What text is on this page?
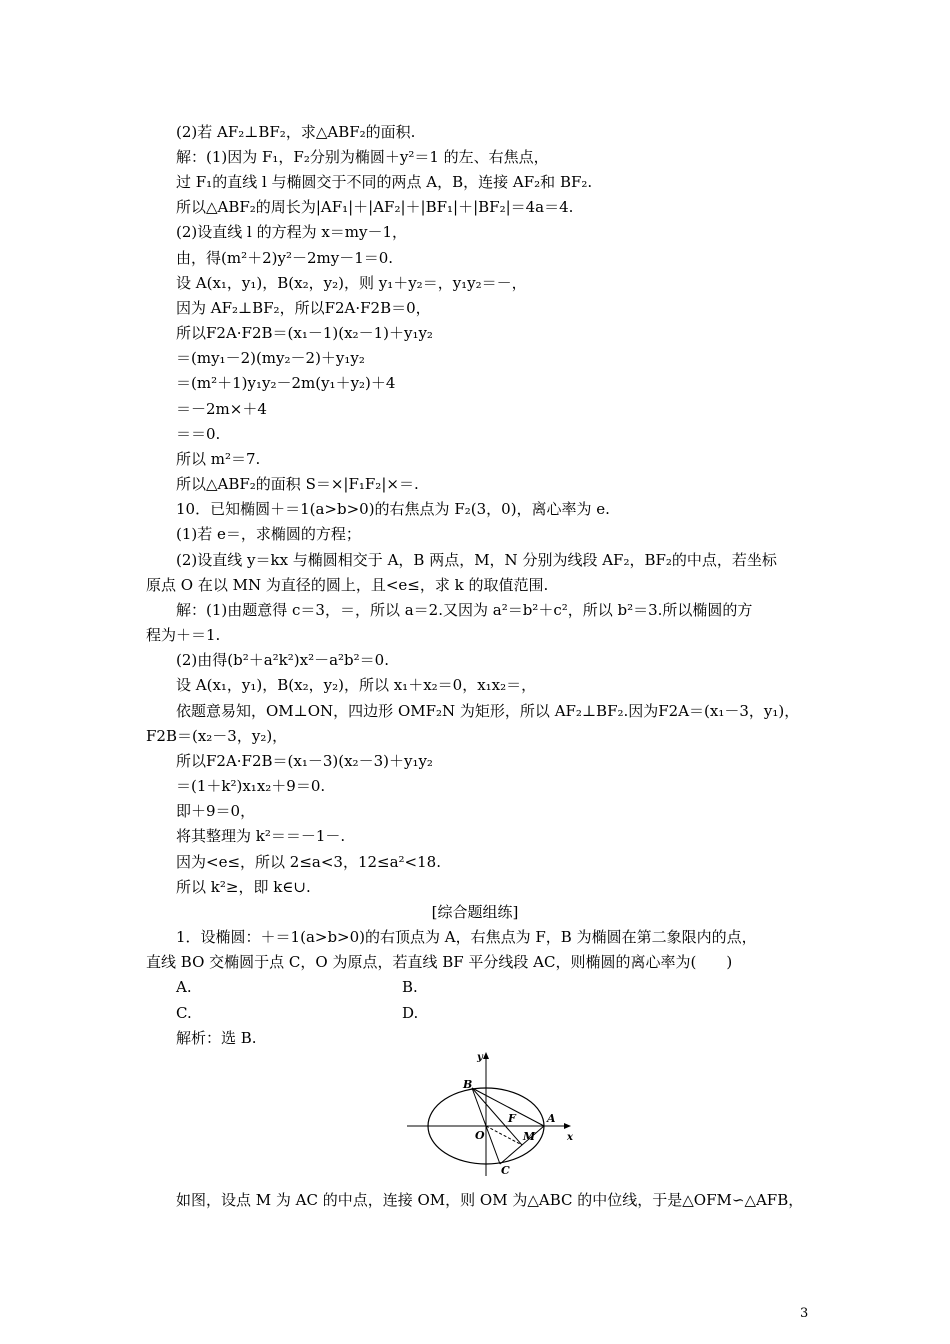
(2)若 AF₂⊥BF₂，求△ABF₂的面积.
解：(1)因为 F₁，F₂分别为椭圆＋y²＝1 的左、右焦点，
过 F₁的直线 l 与椭圆交于不同的两点 A，B，连接 AF₂和 BF₂.
所以△ABF₂的周长为|AF₁|＋|AF₂|＋|BF₁|＋|BF₂|＝4a＝4.
(2)设直线 l 的方程为 x＝my－1，
由，得(m²＋2)y²－2my－1＝0.
设 A(x₁，y₁)，B(x₂，y₂)，则 y₁＋y₂＝，y₁y₂＝－，
因为 AF₂⊥BF₂，所以F2A·F2B＝0，
所以F2A·F2B＝(x₁－1)(x₂－1)＋y₁y₂
＝(my₁－2)(my₂－2)＋y₁y₂
＝(m²＋1)y₁y₂－2m(y₁＋y₂)＋4
＝－2m×＋4
＝＝0.
所以 m²＝7.
所以△ABF₂的面积 S＝×|F₁F₂|×＝.
10．已知椭圆＋＝1(a>b>0)的右焦点为 F₂(3，0)，离心率为 e.
(1)若 e＝，求椭圆的方程；
(2)设直线 y＝kx 与椭圆相交于 A，B 两点，M，N 分别为线段 AF₂，BF₂的中点，若坐标
原点 O 在以 MN 为直径的圆上，且<e≤，求 k 的取值范围.
解：(1)由题意得 c＝3，＝，所以 a＝2.又因为 a²＝b²＋c²，所以 b²＝3.所以椭圆的方
程为＋＝1.
(2)由得(b²＋a²k²)x²－a²b²＝0.
设 A(x₁，y₁)，B(x₂，y₂)，所以 x₁＋x₂＝0，x₁x₂＝，
依题意易知，OM⊥ON，四边形 OMF₂N 为矩形，所以 AF₂⊥BF₂.因为F2A＝(x₁－3，y₁)，
F2B＝(x₂－3，y₂)，
所以F2A·F2B＝(x₁－3)(x₂－3)＋y₁y₂
＝(1＋k²)x₁x₂＋9＝0.
即＋9＝0，
将其整理为 k²＝＝－1－.
因为<e≤，所以 2≤a<3，12≤a²<18.
所以 k²≥，即 k∈∪.
[综合题组练]
1．设椭圆：＋＝1(a>b>0)的右顶点为 A，右焦点为 F，B 为椭圆在第二象限内的点，
直线 BO 交椭圆于点 C，O 为原点，若直线 BF 平分线段 AC，则椭圆的离心率为(　　)
A.	B.
C.	D.
解析：选 B.
y
x
B
F	A
O	M
C
如图，设点 M 为 AC 的中点，连接 OM，则 OM 为△ABC 的中位线，于是△OFM∽△AFB，
3
